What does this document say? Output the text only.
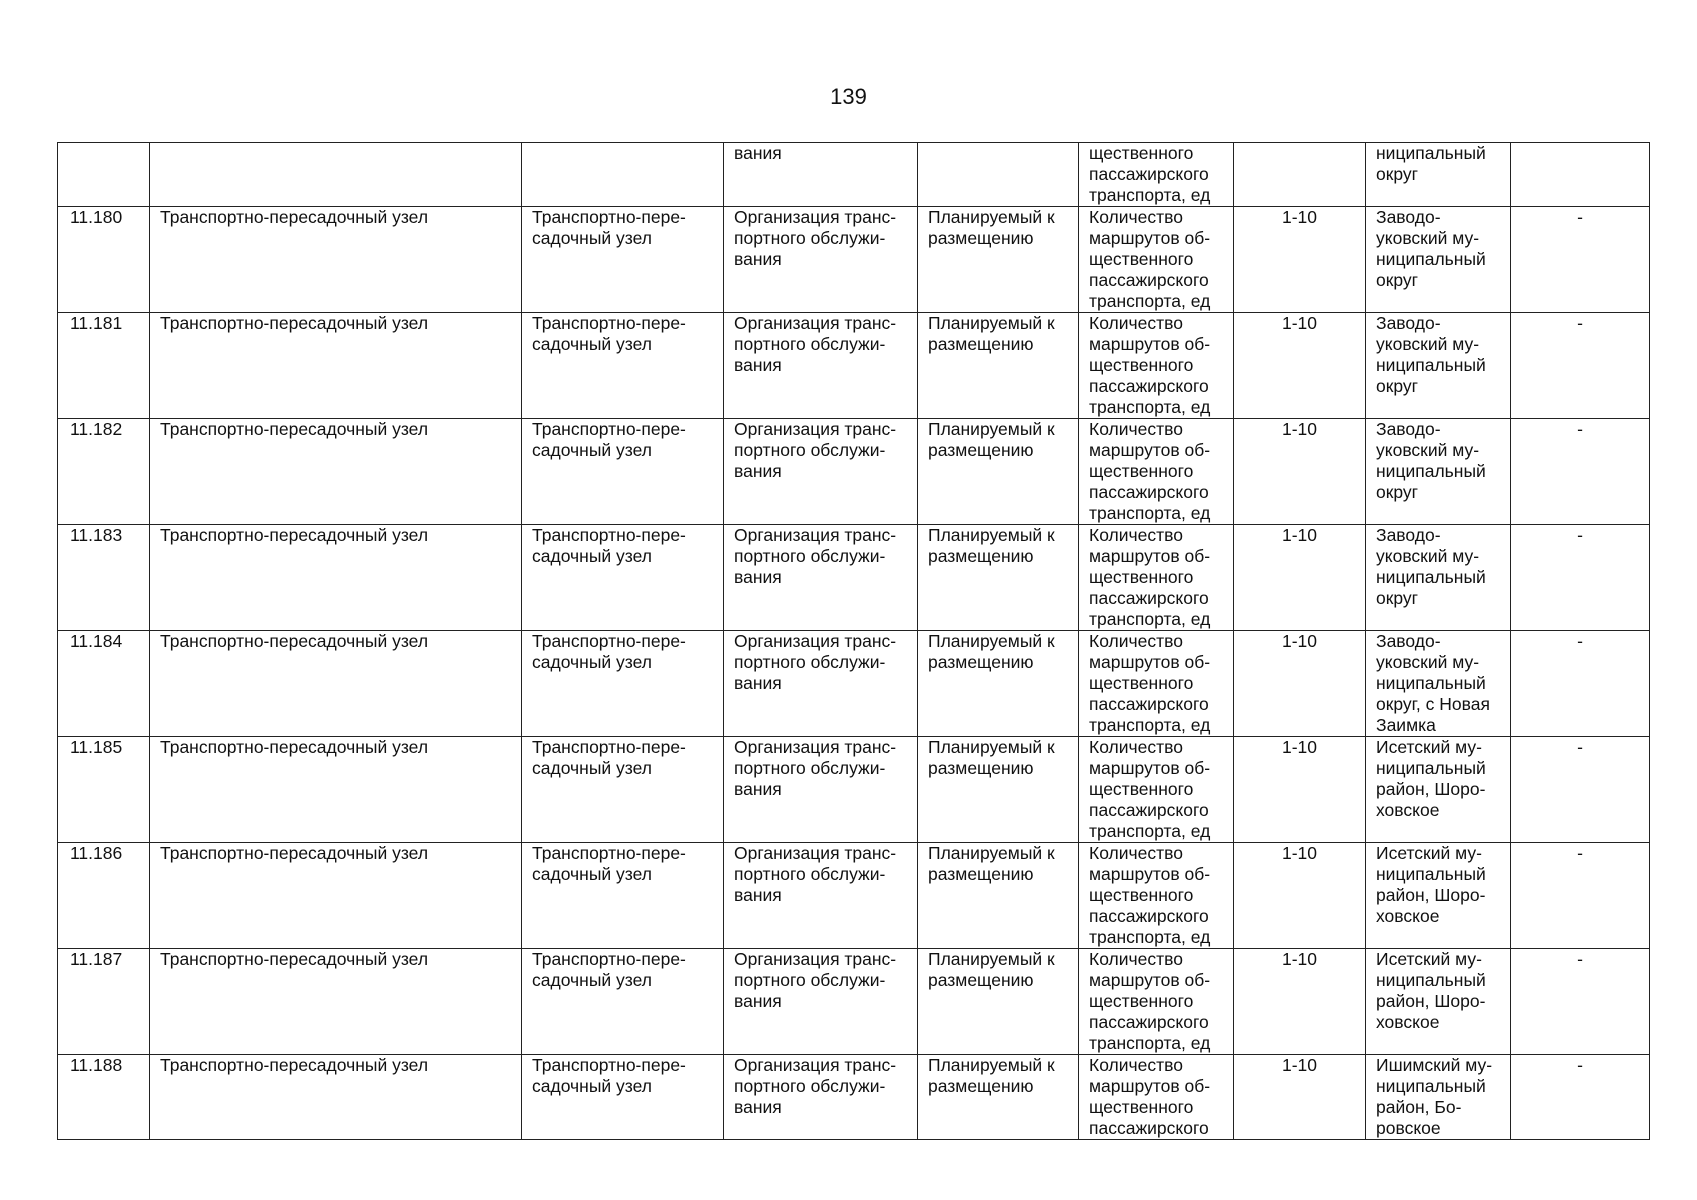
139
			вания		щественного
пассажирского
транспорта, ед		ниципальный
округ	
11.180	Транспортно-пересадочный узел	Транспортно-пере-
садочный узел	Организация транс-
портного обслужи-
вания	Планируемый к
размещению	Количество
маршрутов об-
щественного
пассажирского
транспорта, ед	1-10	Заводо-
уковский му-
ниципальный
округ	-
11.181	Транспортно-пересадочный узел	Транспортно-пере-
садочный узел	Организация транс-
портного обслужи-
вания	Планируемый к
размещению	Количество
маршрутов об-
щественного
пассажирского
транспорта, ед	1-10	Заводо-
уковский му-
ниципальный
округ	-
11.182	Транспортно-пересадочный узел	Транспортно-пере-
садочный узел	Организация транс-
портного обслужи-
вания	Планируемый к
размещению	Количество
маршрутов об-
щественного
пассажирского
транспорта, ед	1-10	Заводо-
уковский му-
ниципальный
округ	-
11.183	Транспортно-пересадочный узел	Транспортно-пере-
садочный узел	Организация транс-
портного обслужи-
вания	Планируемый к
размещению	Количество
маршрутов об-
щественного
пассажирского
транспорта, ед	1-10	Заводо-
уковский му-
ниципальный
округ	-
11.184	Транспортно-пересадочный узел	Транспортно-пере-
садочный узел	Организация транс-
портного обслужи-
вания	Планируемый к
размещению	Количество
маршрутов об-
щественного
пассажирского
транспорта, ед	1-10	Заводо-
уковский му-
ниципальный
округ, с Новая
Заимка	-
11.185	Транспортно-пересадочный узел	Транспортно-пере-
садочный узел	Организация транс-
портного обслужи-
вания	Планируемый к
размещению	Количество
маршрутов об-
щественного
пассажирского
транспорта, ед	1-10	Исетский му-
ниципальный
район, Шоро-
ховское	-
11.186	Транспортно-пересадочный узел	Транспортно-пере-
садочный узел	Организация транс-
портного обслужи-
вания	Планируемый к
размещению	Количество
маршрутов об-
щественного
пассажирского
транспорта, ед	1-10	Исетский му-
ниципальный
район, Шоро-
ховское	-
11.187	Транспортно-пересадочный узел	Транспортно-пере-
садочный узел	Организация транс-
портного обслужи-
вания	Планируемый к
размещению	Количество
маршрутов об-
щественного
пассажирского
транспорта, ед	1-10	Исетский му-
ниципальный
район, Шоро-
ховское	-
11.188	Транспортно-пересадочный узел	Транспортно-пере-
садочный узел	Организация транс-
портного обслужи-
вания	Планируемый к
размещению	Количество
маршрутов об-
щественного
пассажирского	1-10	Ишимский му-
ниципальный
район, Бо-
ровское	-
